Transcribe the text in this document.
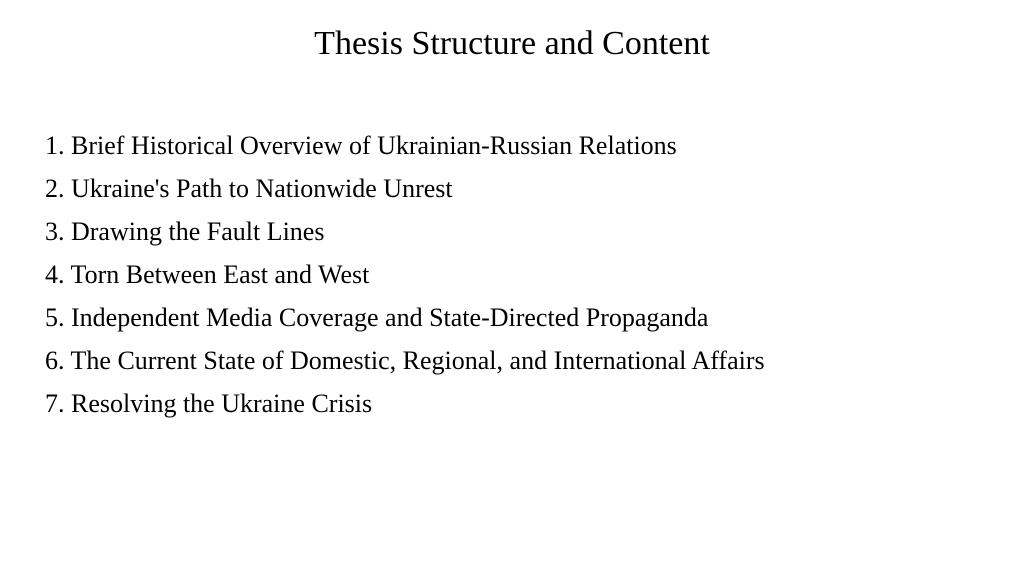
Thesis Structure and Content
1. Brief Historical Overview of Ukrainian-Russian Relations
2. Ukraine's Path to Nationwide Unrest
3. Drawing the Fault Lines
4. Torn Between East and West
5. Independent Media Coverage and State-Directed Propaganda
6. The Current State of Domestic, Regional, and International Affairs
7. Resolving the Ukraine Crisis
